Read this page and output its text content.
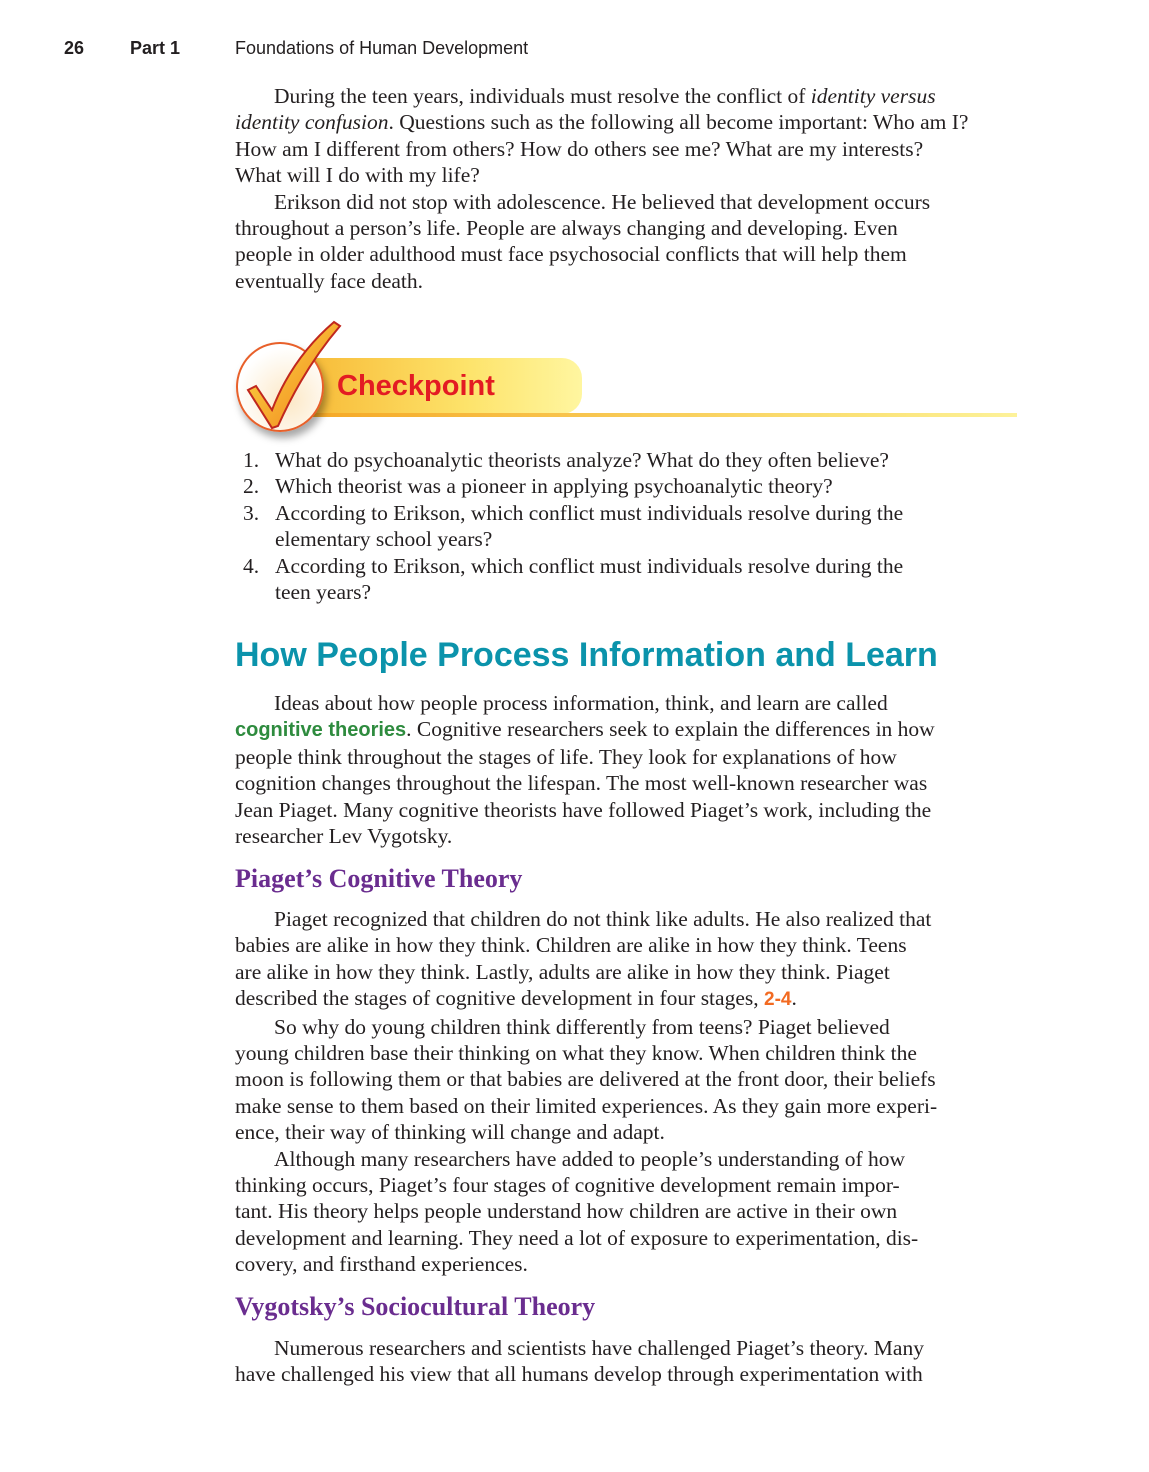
26	Part 1	Foundations of Human Development
During the teen years, individuals must resolve the conflict of identity versus
identity confusion. Questions such as the following all become important: Who am I?
How am I different from others? How do others see me? What are my interests?
What will I do with my life?
Erikson did not stop with adolescence. He believed that development occurs
throughout a person’s life. People are always changing and developing. Even
people in older adulthood must face psychosocial conflicts that will help them
eventually face death.
Checkpoint
1. What do psychoanalytic theorists analyze? What do they often believe?
2. Which theorist was a pioneer in applying psychoanalytic theory?
3. According to Erikson, which conflict must individuals resolve during the
elementary school years?
4. According to Erikson, which conflict must individuals resolve during the
teen years?
How People Process Information and Learn
Ideas about how people process information, think, and learn are called
cognitive theories. Cognitive researchers seek to explain the differences in how
people think throughout the stages of life. They look for explanations of how
cognition changes throughout the lifespan. The most well-known researcher was
Jean Piaget. Many cognitive theorists have followed Piaget’s work, including the
researcher Lev Vygotsky.
Piaget’s Cognitive Theory
Piaget recognized that children do not think like adults. He also realized that
babies are alike in how they think. Children are alike in how they think. Teens
are alike in how they think. Lastly, adults are alike in how they think. Piaget
described the stages of cognitive development in four stages, 2-4.
So why do young children think differently from teens? Piaget believed
young children base their thinking on what they know. When children think the
moon is following them or that babies are delivered at the front door, their beliefs
make sense to them based on their limited experiences. As they gain more experi-
ence, their way of thinking will change and adapt.
Although many researchers have added to people’s understanding of how
thinking occurs, Piaget’s four stages of cognitive development remain impor-
tant. His theory helps people understand how children are active in their own
development and learning. They need a lot of exposure to experimentation, dis-
covery, and firsthand experiences.
Vygotsky’s Sociocultural Theory
Numerous researchers and scientists have challenged Piaget’s theory. Many
have challenged his view that all humans develop through experimentation with
